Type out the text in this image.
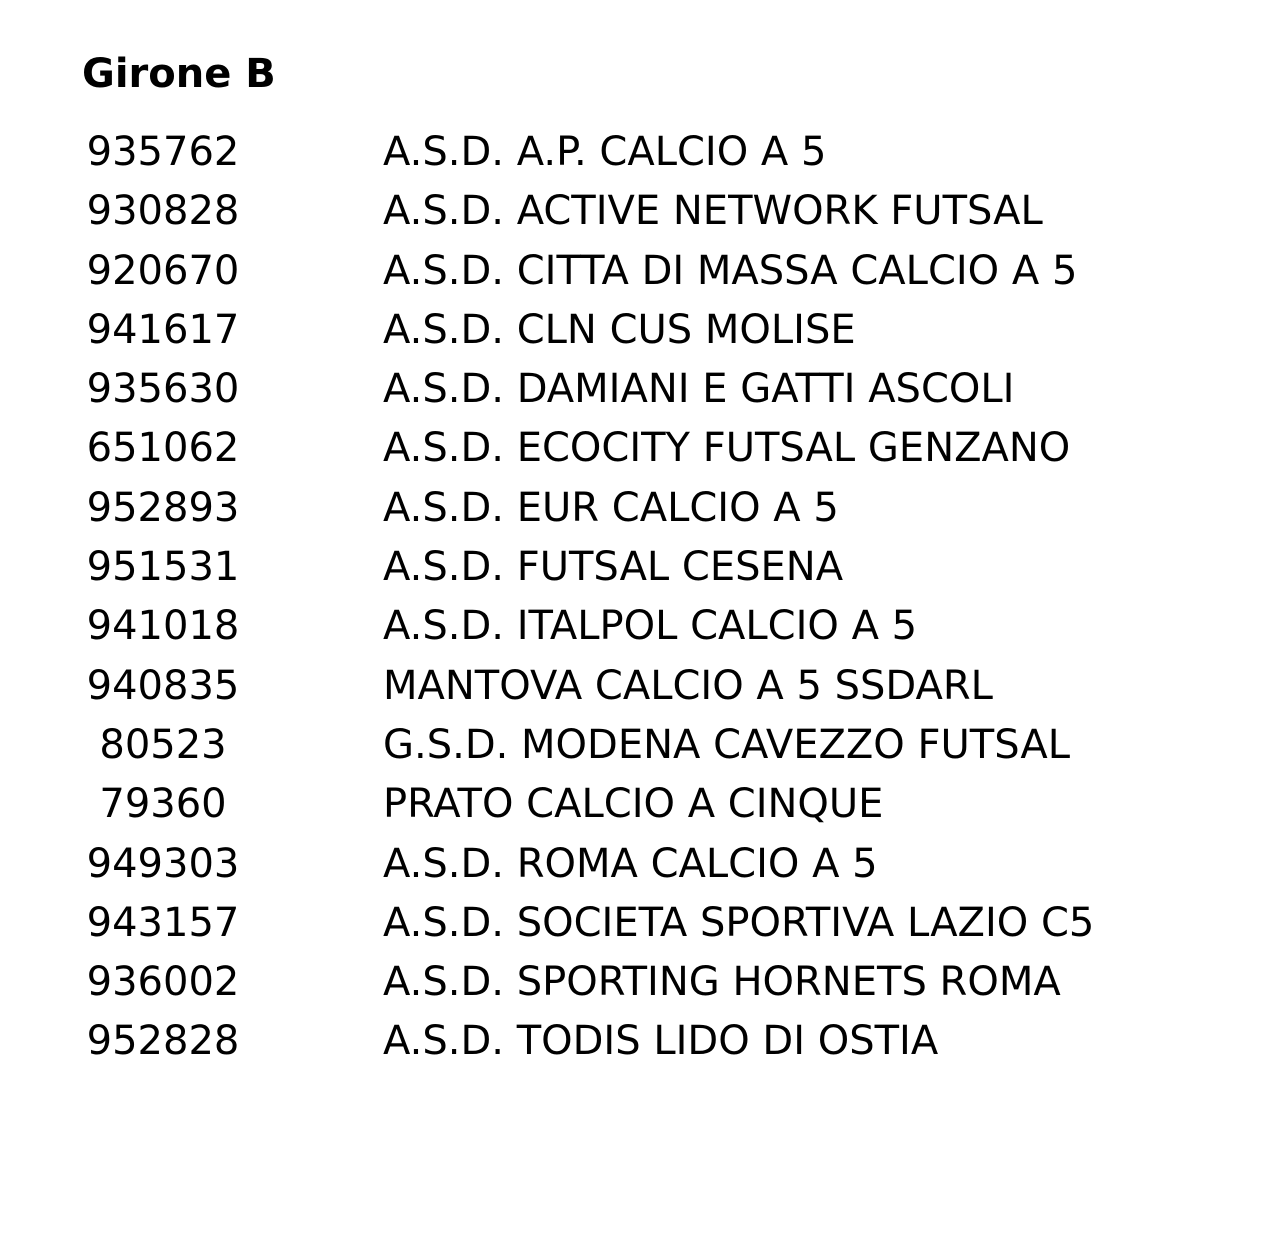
Girone B
935762	A.S.D. A.P. CALCIO A 5
930828	A.S.D. ACTIVE NETWORK FUTSAL
920670	A.S.D. CITTA DI MASSA CALCIO A 5
941617	A.S.D. CLN CUS MOLISE
935630	A.S.D. DAMIANI E GATTI ASCOLI
651062	A.S.D. ECOCITY FUTSAL GENZANO
952893	A.S.D. EUR CALCIO A 5
951531	A.S.D. FUTSAL CESENA
941018	A.S.D. ITALPOL CALCIO A 5
940835	MANTOVA CALCIO A 5 SSDARL
80523	G.S.D. MODENA CAVEZZO FUTSAL
79360	PRATO CALCIO A CINQUE
949303	A.S.D. ROMA CALCIO A 5
943157	A.S.D. SOCIETA SPORTIVA LAZIO C5
936002	A.S.D. SPORTING HORNETS ROMA
952828	A.S.D. TODIS LIDO DI OSTIA
